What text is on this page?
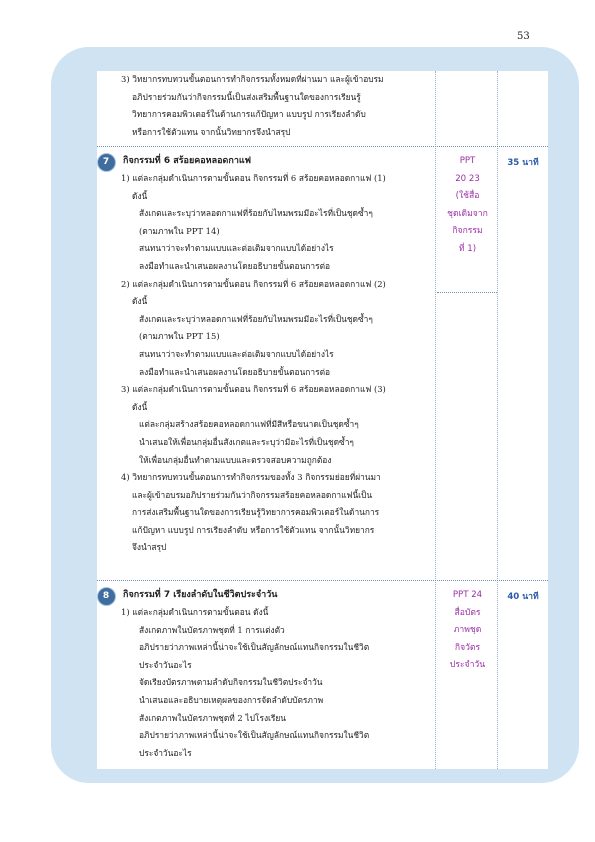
53
3) วิทยากรทบทวนขั้นตอนการทำกิจกรรมทั้งหมดที่ผ่านมา และผู้เข้าอบรม
อภิปรายร่วมกันว่ากิจกรรมนี้เป็นส่งเสริมพื้นฐานใดของการเรียนรู้
วิทยาการคอมพิวเตอร์ในด้านการแก้ปัญหา แบบรูป การเรียงลำดับ
หรือการใช้ตัวแทน จากนั้นวิทยากรจึงนำสรุป
7	กิจกรรมที่ 6 สร้อยคอหลอดกาแฟ
1) แต่ละกลุ่มดำเนินการตามขั้นตอน กิจกรรมที่ 6 สร้อยคอหลอดกาแฟ (1)
ดังนี้
สังเกตและระบุว่าหลอดกาแฟที่ร้อยกับไหมพรมมีอะไรที่เป็นชุดซ้ำๆ
(ตามภาพใน PPT 14)
สนทนาว่าจะทำตามแบบและต่อเติมจากแบบได้อย่างไร
ลงมือทำและนำเสนอผลงานโดยอธิบายขั้นตอนการต่อ
2) แต่ละกลุ่มดำเนินการตามขั้นตอน กิจกรรมที่ 6 สร้อยคอหลอดกาแฟ (2)
ดังนี้
สังเกตและระบุว่าหลอดกาแฟที่ร้อยกับไหมพรมมีอะไรที่เป็นชุดซ้ำๆ
(ตามภาพใน PPT 15)
สนทนาว่าจะทำตามแบบและต่อเติมจากแบบได้อย่างไร
ลงมือทำและนำเสนอผลงานโดยอธิบายขั้นตอนการต่อ
3) แต่ละกลุ่มดำเนินการตามขั้นตอน กิจกรรมที่ 6 สร้อยคอหลอดกาแฟ (3)
ดังนี้
แต่ละกลุ่มสร้างสร้อยคอหลอดกาแฟที่มีสีหรือขนาดเป็นชุดซ้ำๆ
นำเสนอให้เพื่อนกลุ่มอื่นสังเกตและระบุว่ามีอะไรที่เป็นชุดซ้ำๆ
ให้เพื่อนกลุ่มอื่นทำตามแบบและตรวจสอบความถูกต้อง
4) วิทยากรทบทวนขั้นตอนการทำกิจกรรมของทั้ง 3 กิจกรรมย่อยที่ผ่านมา
และผู้เข้าอบรมอภิปรายร่วมกันว่ากิจกรรมสร้อยคอหลอดกาแฟนี้เป็น
การส่งเสริมพื้นฐานใดของการเรียนรู้วิทยาการคอมพิวเตอร์ในด้านการ
แก้ปัญหา แบบรูป การเรียงลำดับ หรือการใช้ตัวแทน จากนั้นวิทยากร
จึงนำสรุป
PPT
20 23
(ใช้สื่อ
ชุดเดิมจาก
กิจกรรม
ที่ 1)
35 นาที
8	กิจกรรมที่ 7 เรียงลำดับในชีวิตประจำวัน
1) แต่ละกลุ่มดำเนินการตามขั้นตอน ดังนี้
สังเกตภาพในบัตรภาพชุดที่ 1 การแต่งตัว
อภิปรายว่าภาพเหล่านี้น่าจะใช้เป็นสัญลักษณ์แทนกิจกรรมในชีวิต
ประจำวันอะไร
จัดเรียงบัตรภาพตามลำดับกิจกรรมในชีวิตประจำวัน
นำเสนอและอธิบายเหตุผลของการจัดลำดับบัตรภาพ
สังเกตภาพในบัตรภาพชุดที่ 2 ไปโรงเรียน
อภิปรายว่าภาพเหล่านี้น่าจะใช้เป็นสัญลักษณ์แทนกิจกรรมในชีวิต
ประจำวันอะไร
PPT 24
สื่อบัตร
ภาพชุด
กิจวัตร
ประจำวัน
40 นาที
